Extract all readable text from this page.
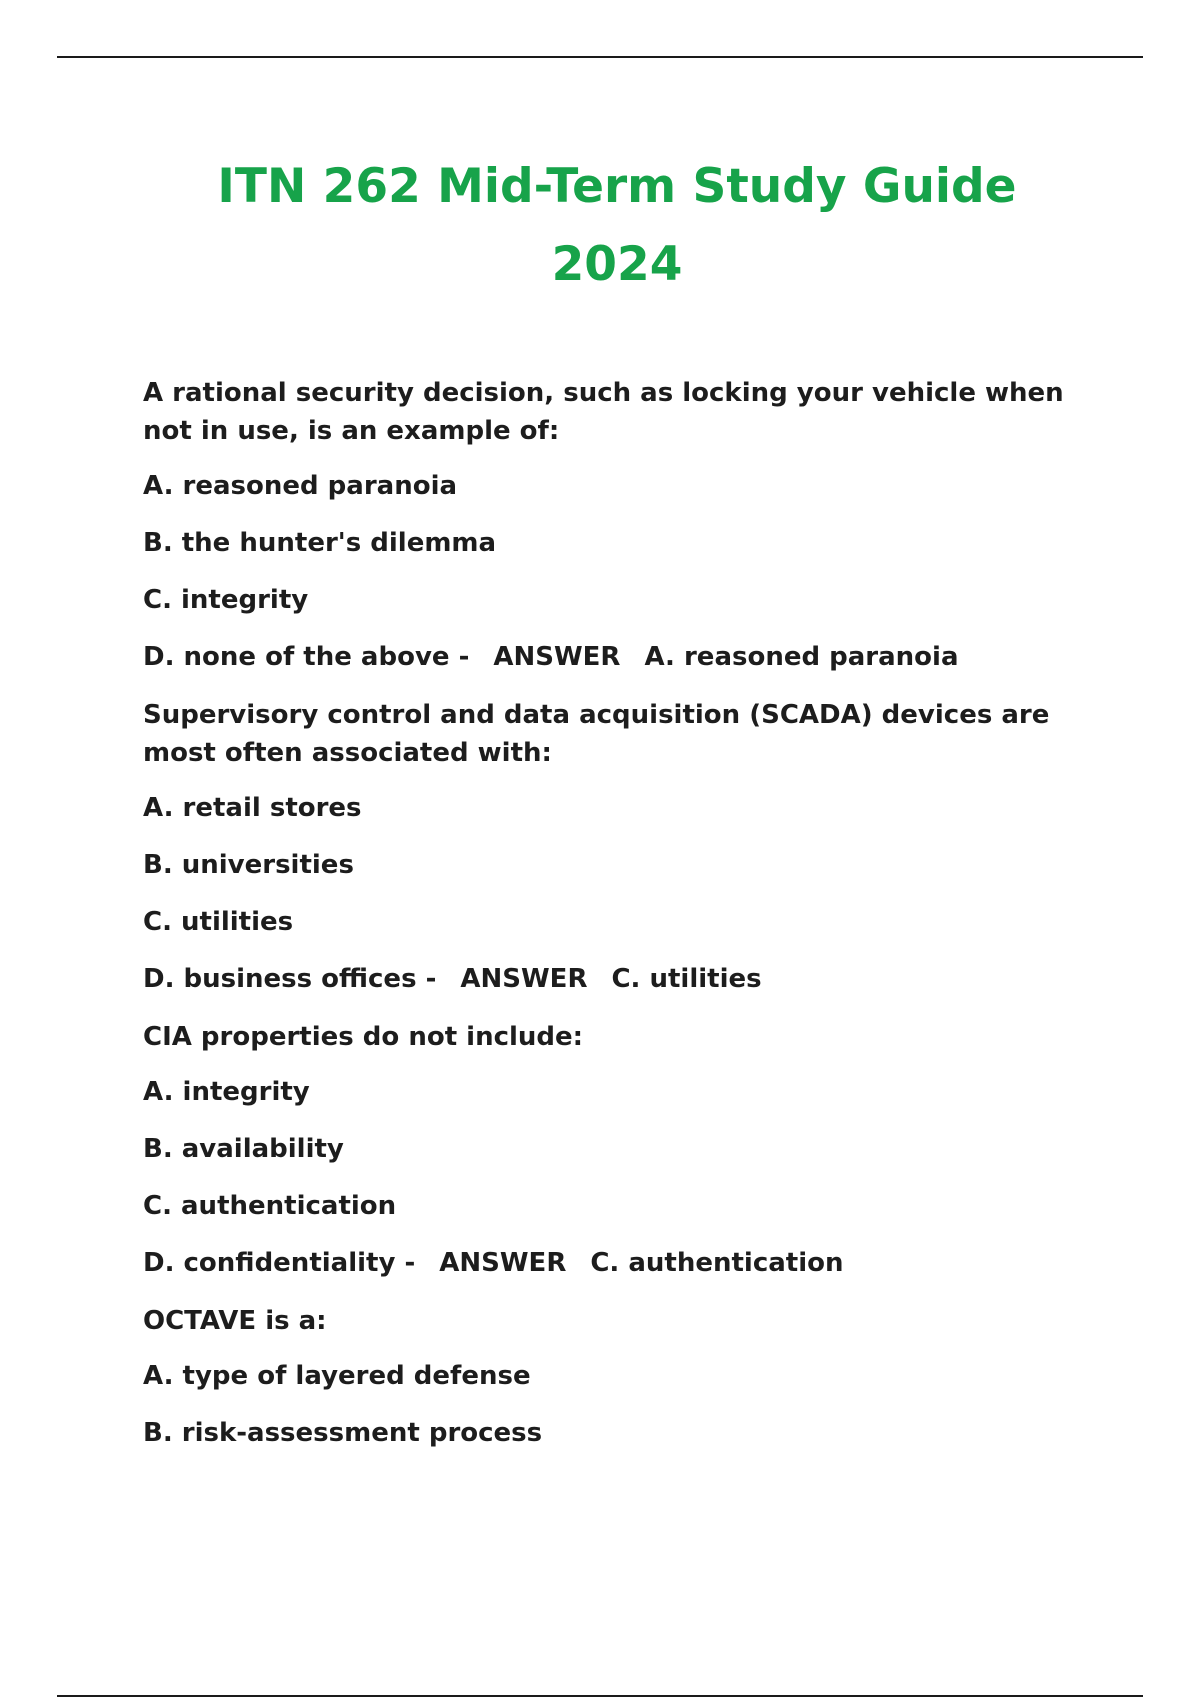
ITN 262 Mid-Term Study Guide
2024

A rational security decision, such as locking your vehicle when not in use, is an example of:

A. reasoned paranoia

B. the hunter's dilemma

C. integrity

D. none of the above - ANSWER A. reasoned paranoia

Supervisory control and data acquisition (SCADA) devices are most often associated with:

A. retail stores

B. universities

C. utilities

D. business offices - ANSWER C. utilities

CIA properties do not include:

A. integrity

B. availability

C. authentication

D. confidentiality - ANSWER C. authentication

OCTAVE is a:

A. type of layered defense

B. risk-assessment process
